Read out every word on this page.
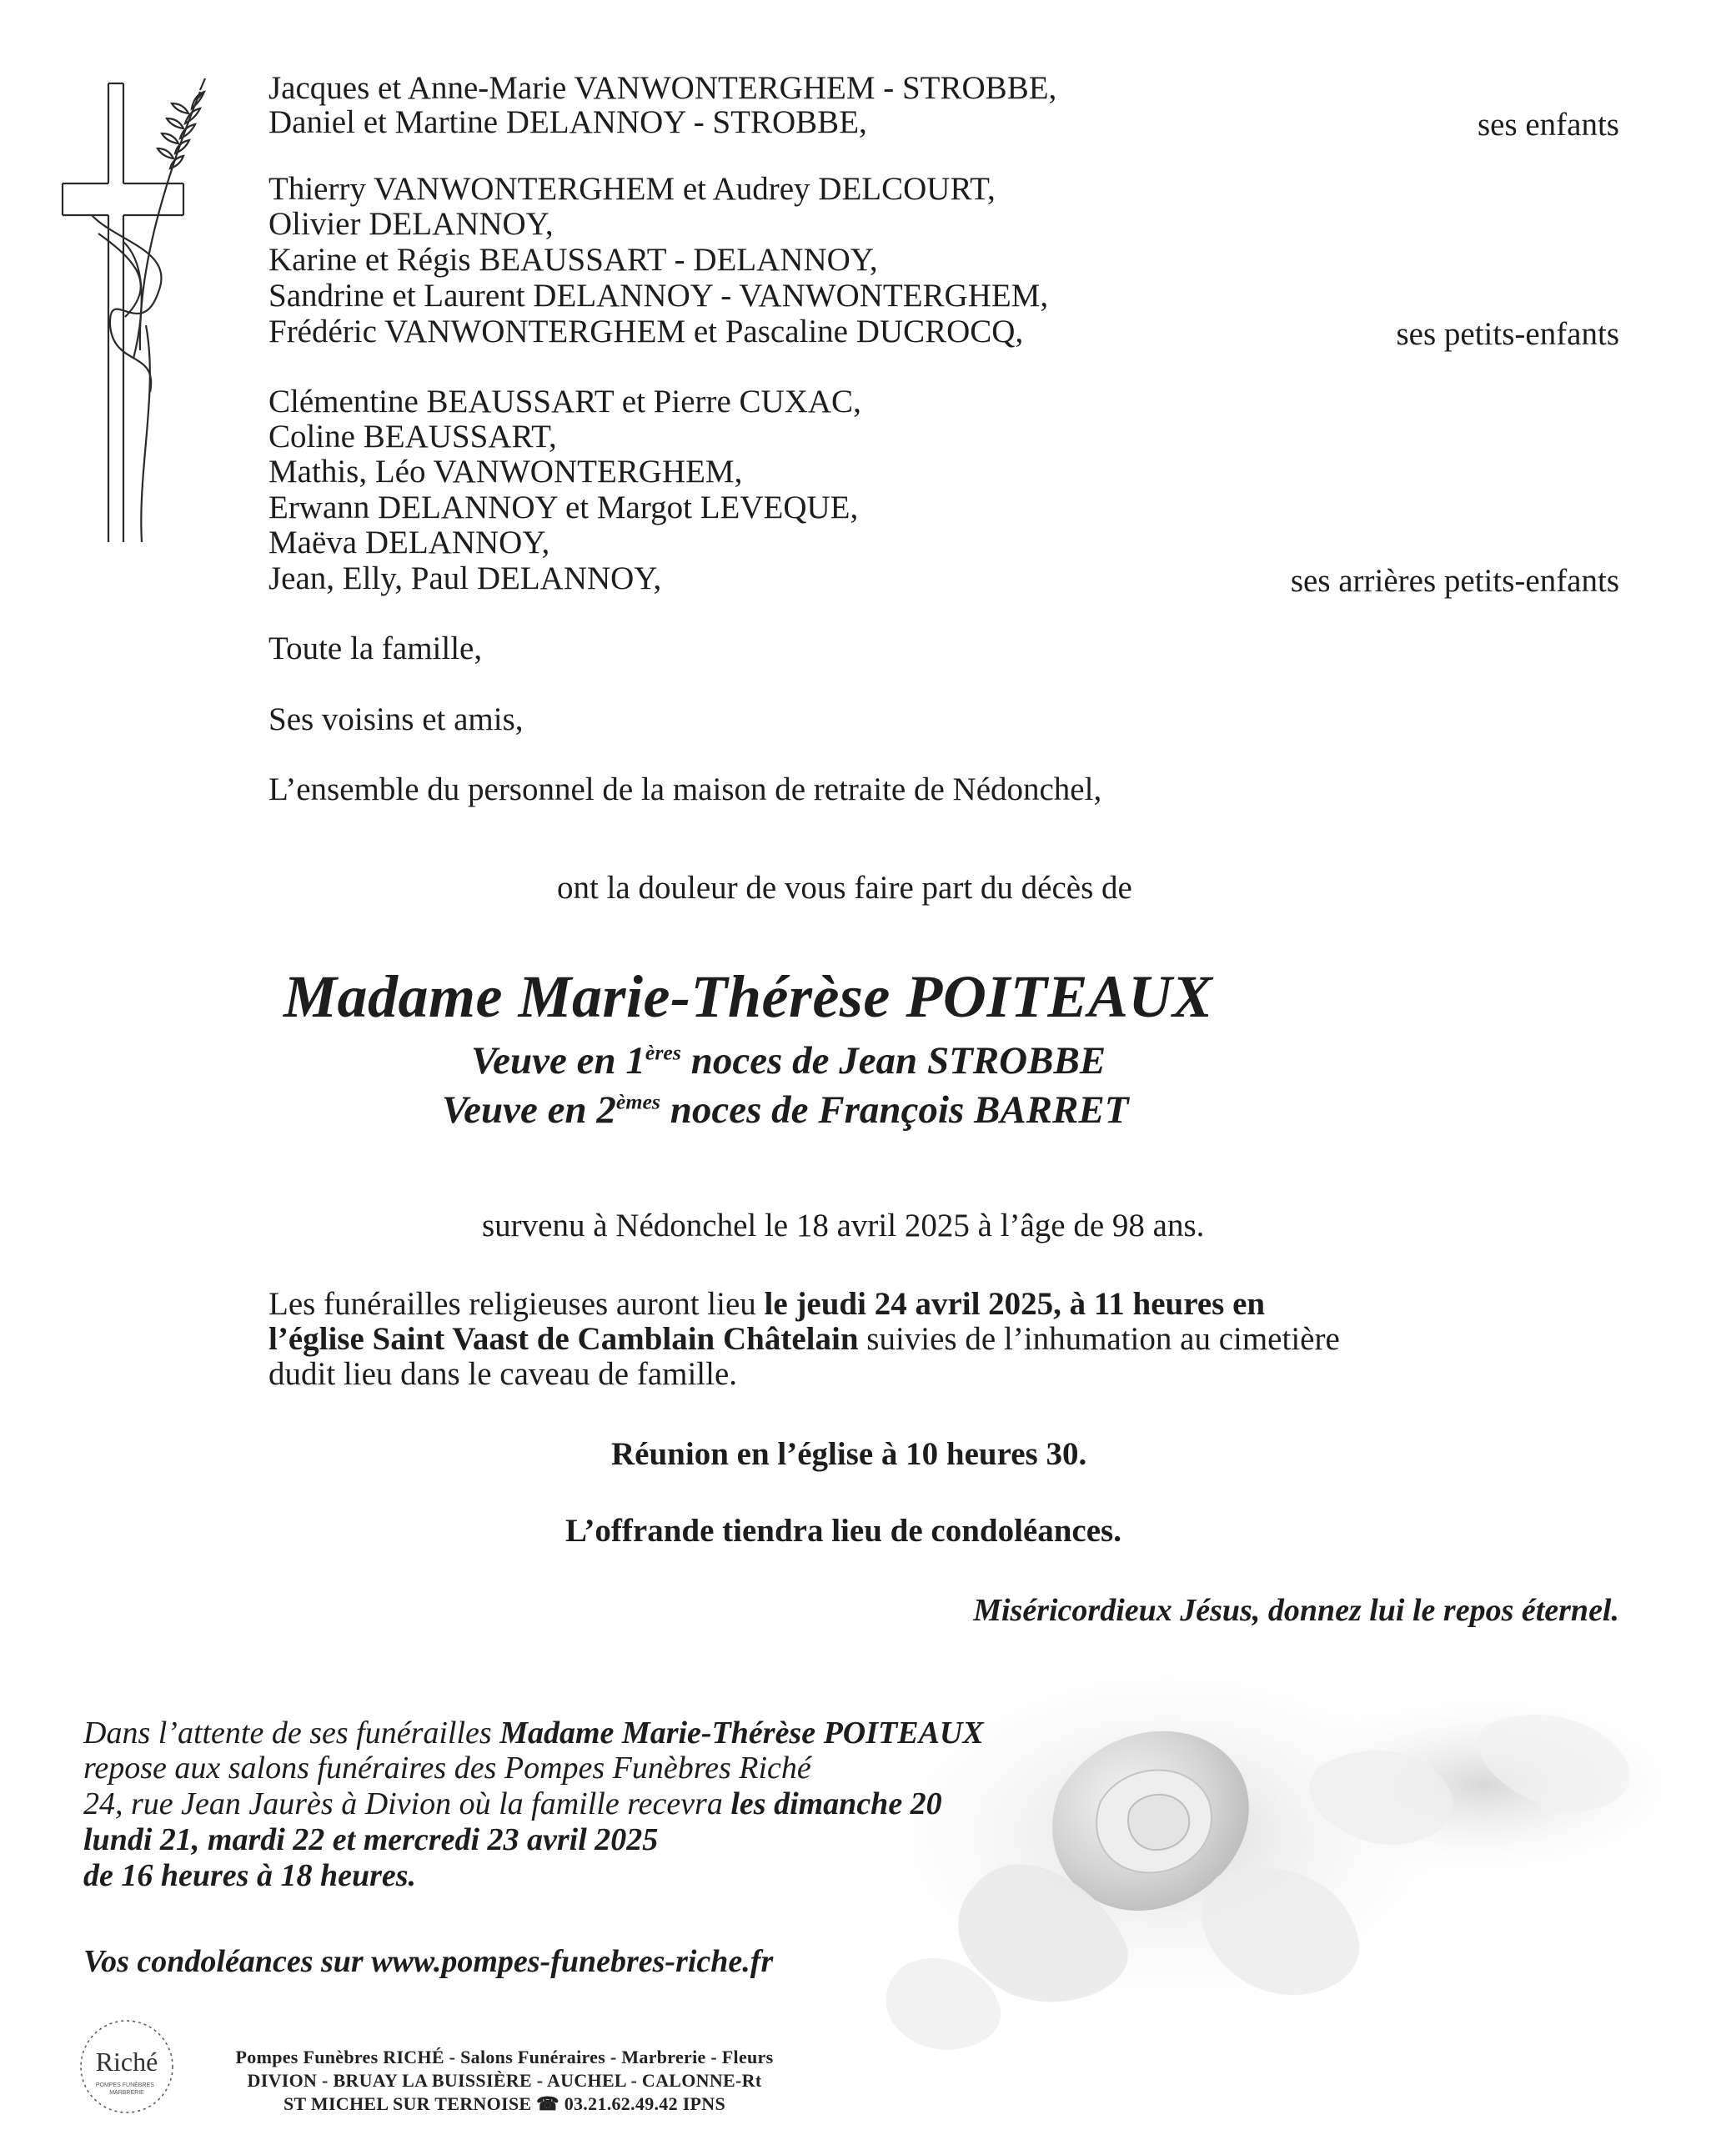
Jacques et Anne-Marie VANWONTERGHEM - STROBBE,
Daniel et Martine DELANNOY - STROBBE,	ses enfants
Thierry VANWONTERGHEM et Audrey DELCOURT,
Olivier DELANNOY,
Karine et Régis BEAUSSART - DELANNOY,
Sandrine et Laurent DELANNOY - VANWONTERGHEM,
Frédéric VANWONTERGHEM et Pascaline DUCROCQ,	ses petits-enfants
Clémentine BEAUSSART et Pierre CUXAC,
Coline BEAUSSART,
Mathis, Léo VANWONTERGHEM,
Erwann DELANNOY et Margot LEVEQUE,
Maëva DELANNOY,
Jean, Elly, Paul DELANNOY,	ses arrières petits-enfants
Toute la famille,
Ses voisins et amis,
L’ensemble du personnel de la maison de retraite de Nédonchel,
ont la douleur de vous faire part du décès de
Madame Marie-Thérèse POITEAUX
Veuve en 1ères noces de Jean STROBBE
Veuve en 2èmes noces de François BARRET
survenu à Nédonchel le 18 avril 2025 à l’âge de 98 ans.
Les funérailles religieuses auront lieu le jeudi 24 avril 2025, à 11 heures en
l’église Saint Vaast de Camblain Châtelain suivies de l’inhumation au cimetière
dudit lieu dans le caveau de famille.
Réunion en l’église à 10 heures 30.
L’offrande tiendra lieu de condoléances.
Miséricordieux Jésus, donnez lui le repos éternel.
Dans l’attente de ses funérailles Madame Marie-Thérèse POITEAUX
repose aux salons funéraires des Pompes Funèbres Riché
24, rue Jean Jaurès à Divion où la famille recevra les dimanche 20
lundi 21, mardi 22 et mercredi 23 avril 2025
de 16 heures à 18 heures.
Vos condoléances sur www.pompes-funebres-riche.fr
Riché
POMPES FUNÈBRES · MARBRERIE
Pompes Funèbres RICHÉ - Salons Funéraires - Marbrerie - Fleurs
DIVION - BRUAY LA BUISSIÈRE - AUCHEL - CALONNE-Rt
ST MICHEL SUR TERNOISE ☎ 03.21.62.49.42 IPNS
